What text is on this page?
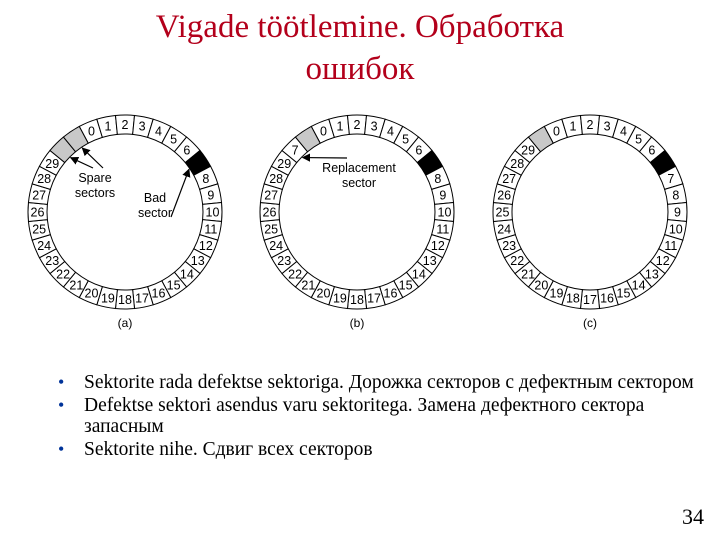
Vigade töötlemine. Обработка
ошибок
0 1 2 3 4
5
6
8
9
10
11
12
13
14
15
16
17
18
19
20
21
22
23
24
25
26
27
28
29
(a)
Spare
sectors Bad
sector
0 1 2 3 4
5
6
8
9
10
11
12
13
14
15
16
17
18
19
20
21
22
23
24
25
26
27
28
29
7
(b)
Replacement
sector
0 1 2 3 4
5
6
7
8
9
10
11
12
13
14
15
16
17
18
19
20
21
22
23
24
25
26
27
28
29
(c)
• Sektorite rada defektse sektoriga. Дорожка секторов с дефектным сектором
• Defektse sektori asendus varu sektoritega. Замена дефектного сектора запасным
• Sektorite nihe. Сдвиг всех секторов
34
